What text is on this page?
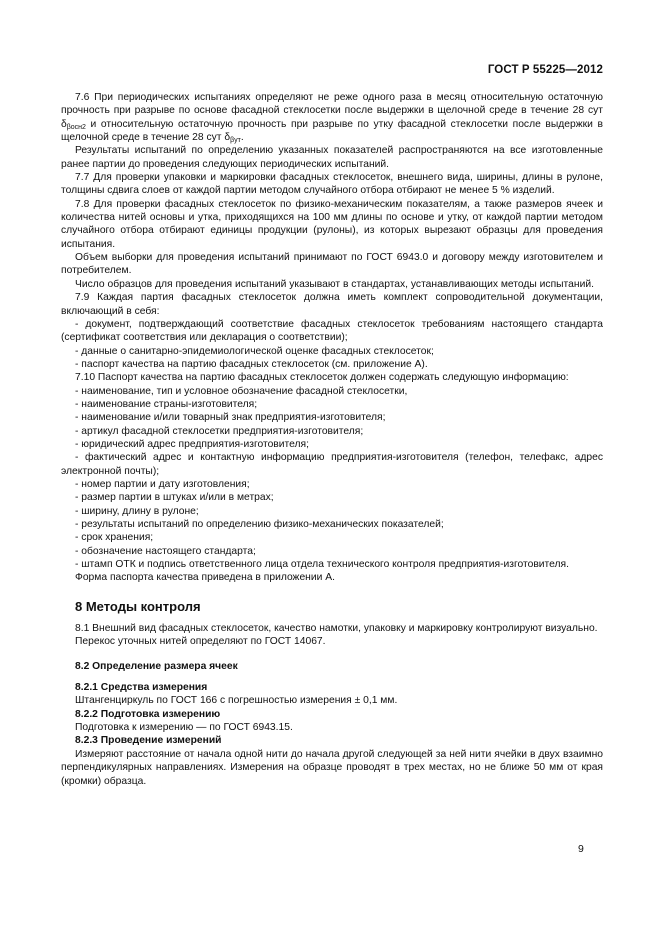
ГОСТ Р 55225—2012

7.6 При периодических испытаниях определяют не реже одного раза в месяц относительную остаточную прочность при разрыве по основе фасадной стеклосетки после выдержки в щелочной среде в течение 28 сут $\delta_{\beta осн2}$ и относительную остаточную прочность при разрыве по утку фасадной стеклосетки после выдержки в щелочной среде в течение 28 сут $\delta_{\beta ут}$.

Результаты испытаний по определению указанных показателей распространяются на все изготовленные ранее партии до проведения следующих периодических испытаний.

7.7 Для проверки упаковки и маркировки фасадных стеклосеток, внешнего вида, ширины, длины в рулоне, толщины сдвига слоев от каждой партии методом случайного отбора отбирают не менее 5 % изделий.

7.8 Для проверки фасадных стеклосеток по физико-механическим показателям, а также размеров ячеек и количества нитей основы и утка, приходящихся на 100 мм длины по основе и утку, от каждой партии методом случайного отбора отбирают единицы продукции (рулоны), из которых вырезают образцы для проведения испытания.

Объем выборки для проведения испытаний принимают по ГОСТ 6943.0 и договору между изготовителем и потребителем.

Число образцов для проведения испытаний указывают в стандартах, устанавливающих методы испытаний.

7.9 Каждая партия фасадных стеклосеток должна иметь комплект сопроводительной документации, включающий в себя:

- документ, подтверждающий соответствие фасадных стеклосеток требованиям настоящего стандарта (сертификат соответствия или декларация о соответствии);

- данные о санитарно-эпидемиологической оценке фасадных стеклосеток;

- паспорт качества на партию фасадных стеклосеток (см. приложение А).

7.10 Паспорт качества на партию фасадных стеклосеток должен содержать следующую информацию:

- наименование, тип и условное обозначение фасадной стеклосетки,

- наименование страны-изготовителя;

- наименование и/или товарный знак предприятия-изготовителя;

- артикул фасадной стеклосетки предприятия-изготовителя;

- юридический адрес предприятия-изготовителя;

- фактический адрес и контактную информацию предприятия-изготовителя (телефон, телефакс, адрес электронной почты);

- номер партии и дату изготовления;

- размер партии в штуках и/или в метрах;

- ширину, длину в рулоне;

- результаты испытаний по определению физико-механических показателей;

- срок хранения;

- обозначение настоящего стандарта;

- штамп ОТК и подпись ответственного лица отдела технического контроля предприятия-изготовителя.

Форма паспорта качества приведена в приложении А.

8 Методы контроля

8.1 Внешний вид фасадных стеклосеток, качество намотки, упаковку и маркировку контролируют визуально.

Перекос уточных нитей определяют по ГОСТ 14067.

8.2 Определение размера ячеек

8.2.1 Средства измерения

Штангенциркуль по ГОСТ 166 с погрешностью измерения ± 0,1 мм.

8.2.2 Подготовка измерению

Подготовка к измерению — по ГОСТ 6943.15.

8.2.3 Проведение измерений

Измеряют расстояние от начала одной нити до начала другой следующей за ней нити ячейки в двух взаимно перпендикулярных направлениях. Измерения на образце проводят в трех местах, но не ближе 50 мм от края (кромки) образца.

9
